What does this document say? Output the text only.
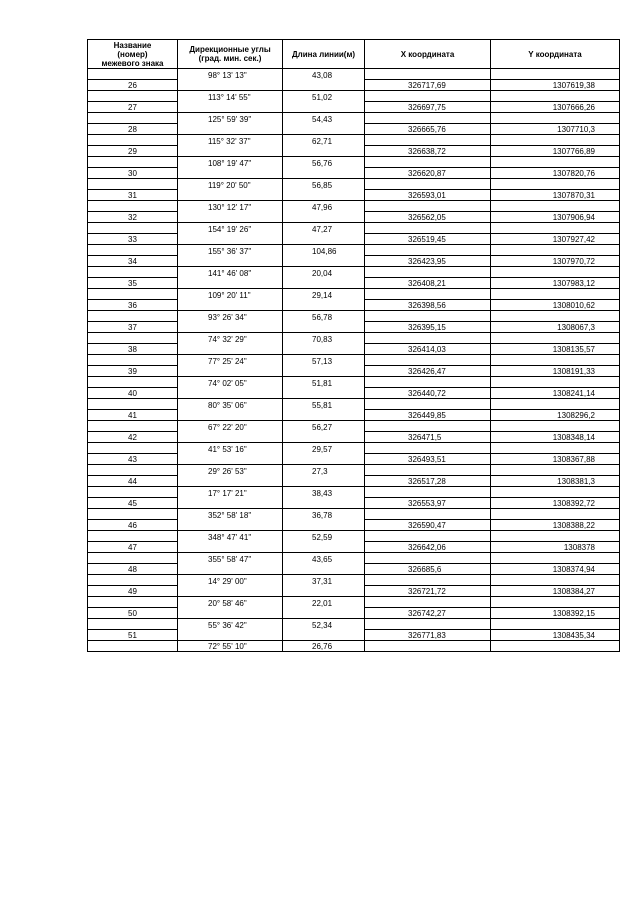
Название
(номер)
межевого знака	Дирекционные углы
(град. мин. сек.)	Длина линии(м)	X координата	Y координата
	98° 13' 13"	43,08		
26			326717,69	1307619,38
	113° 14' 55"	51,02		
27			326697,75	1307666,26
	125° 59' 39"	54,43		
28			326665,76	1307710,3
	115° 32' 37"	62,71		
29			326638,72	1307766,89
	108° 19' 47"	56,76		
30			326620,87	1307820,76
	119° 20' 50"	56,85		
31			326593,01	1307870,31
	130° 12' 17"	47,96		
32			326562,05	1307906,94
	154° 19' 26"	47,27		
33			326519,45	1307927,42
	155° 36' 37"	104,86		
34			326423,95	1307970,72
	141° 46' 08"	20,04		
35			326408,21	1307983,12
	109° 20' 11"	29,14		
36			326398,56	1308010,62
	93° 26' 34"	56,78		
37			326395,15	1308067,3
	74° 32' 29"	70,83		
38			326414,03	1308135,57
	77° 25' 24"	57,13		
39			326426,47	1308191,33
	74° 02' 05"	51,81		
40			326440,72	1308241,14
	80° 35' 06"	55,81		
41			326449,85	1308296,2
	67° 22' 20"	56,27		
42			326471,5	1308348,14
	41° 53' 16"	29,57		
43			326493,51	1308367,88
	29° 26' 53"	27,3		
44			326517,28	1308381,3
	17° 17' 21"	38,43		
45			326553,97	1308392,72
	352° 58' 18"	36,78		
46			326590,47	1308388,22
	348° 47' 41"	52,59		
47			326642,06	1308378
	355° 58' 47"	43,65		
48			326685,6	1308374,94
	14° 29' 00"	37,31		
49			326721,72	1308384,27
	20° 58' 46"	22,01		
50			326742,27	1308392,15
	55° 36' 42"	52,34		
51			326771,83	1308435,34
	72° 55' 10"	26,76		
